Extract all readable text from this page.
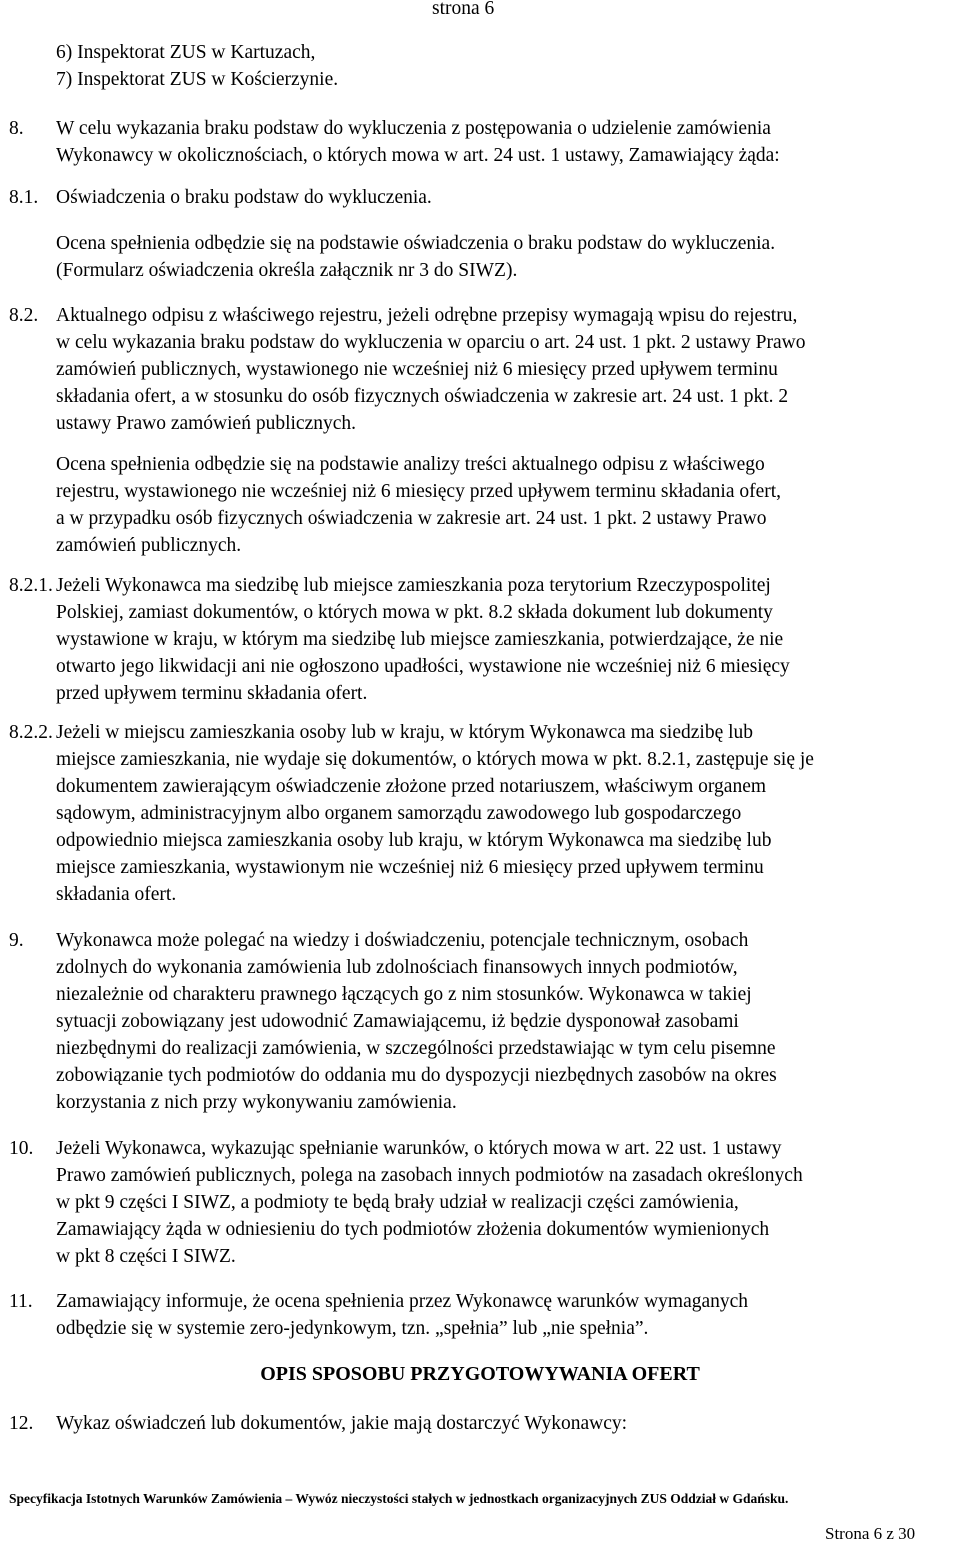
strona 6
6) Inspektorat ZUS w Kartuzach,
7) Inspektorat ZUS w Kościerzynie.
8. W celu wykazania braku podstaw do wykluczenia z postępowania o udzielenie zamówienia
Wykonawcy w okolicznościach, o których mowa w art. 24 ust. 1 ustawy, Zamawiający żąda:
8.1. Oświadczenia o braku podstaw do wykluczenia.
Ocena spełnienia odbędzie się na podstawie oświadczenia o braku podstaw do wykluczenia.
(Formularz oświadczenia określa załącznik nr 3 do SIWZ).
8.2. Aktualnego odpisu z właściwego rejestru, jeżeli odrębne przepisy wymagają wpisu do rejestru,
w celu wykazania braku podstaw do wykluczenia w oparciu o art. 24 ust. 1 pkt. 2 ustawy Prawo
zamówień publicznych, wystawionego nie wcześniej niż 6 miesięcy przed upływem terminu
składania ofert, a w stosunku do osób fizycznych oświadczenia w zakresie art. 24 ust. 1 pkt. 2
ustawy Prawo zamówień publicznych.
Ocena spełnienia odbędzie się na podstawie analizy treści aktualnego odpisu z właściwego
rejestru, wystawionego nie wcześniej niż 6 miesięcy przed upływem terminu składania ofert,
a w przypadku osób fizycznych oświadczenia w zakresie art. 24 ust. 1 pkt. 2 ustawy Prawo
zamówień publicznych.
8.2.1. Jeżeli Wykonawca ma siedzibę lub miejsce zamieszkania poza terytorium Rzeczypospolitej
Polskiej, zamiast dokumentów, o których mowa w pkt. 8.2 składa dokument lub dokumenty
wystawione w kraju, w którym ma siedzibę lub miejsce zamieszkania, potwierdzające, że nie
otwarto jego likwidacji ani nie ogłoszono upadłości, wystawione nie wcześniej niż 6 miesięcy
przed upływem terminu składania ofert.
8.2.2. Jeżeli w miejscu zamieszkania osoby lub w kraju, w którym Wykonawca ma siedzibę lub
miejsce zamieszkania, nie wydaje się dokumentów, o których mowa w pkt. 8.2.1, zastępuje się je
dokumentem zawierającym oświadczenie złożone przed notariuszem, właściwym organem
sądowym, administracyjnym albo organem samorządu zawodowego lub gospodarczego
odpowiednio miejsca zamieszkania osoby lub kraju, w którym Wykonawca ma siedzibę lub
miejsce zamieszkania, wystawionym nie wcześniej niż 6 miesięcy przed upływem terminu
składania ofert.
9. Wykonawca może polegać na wiedzy i doświadczeniu, potencjale technicznym, osobach
zdolnych do wykonania zamówienia lub zdolnościach finansowych innych podmiotów,
niezależnie od charakteru prawnego łączących go z nim stosunków. Wykonawca w takiej
sytuacji zobowiązany jest udowodnić Zamawiającemu, iż będzie dysponował zasobami
niezbędnymi do realizacji zamówienia, w szczególności przedstawiając w tym celu pisemne
zobowiązanie tych podmiotów do oddania mu do dyspozycji niezbędnych zasobów na okres
korzystania z nich przy wykonywaniu zamówienia.
10. Jeżeli Wykonawca, wykazując spełnianie warunków, o których mowa w art. 22 ust. 1 ustawy
Prawo zamówień publicznych, polega na zasobach innych podmiotów na zasadach określonych
w pkt 9 części I SIWZ, a podmioty te będą brały udział w realizacji części zamówienia,
Zamawiający żąda w odniesieniu do tych podmiotów złożenia dokumentów wymienionych
w pkt 8 części I SIWZ.
11. Zamawiający informuje, że ocena spełnienia przez Wykonawcę warunków wymaganych
odbędzie się w systemie zero-jedynkowym, tzn. „spełnia” lub „nie spełnia”.
OPIS SPOSOBU PRZYGOTOWYWANIA OFERT
12. Wykaz oświadczeń lub dokumentów, jakie mają dostarczyć Wykonawcy:
Specyfikacja Istotnych Warunków Zamówienia – Wywóz nieczystości stałych w jednostkach organizacyjnych ZUS Oddział w Gdańsku.
Strona 6 z 30
